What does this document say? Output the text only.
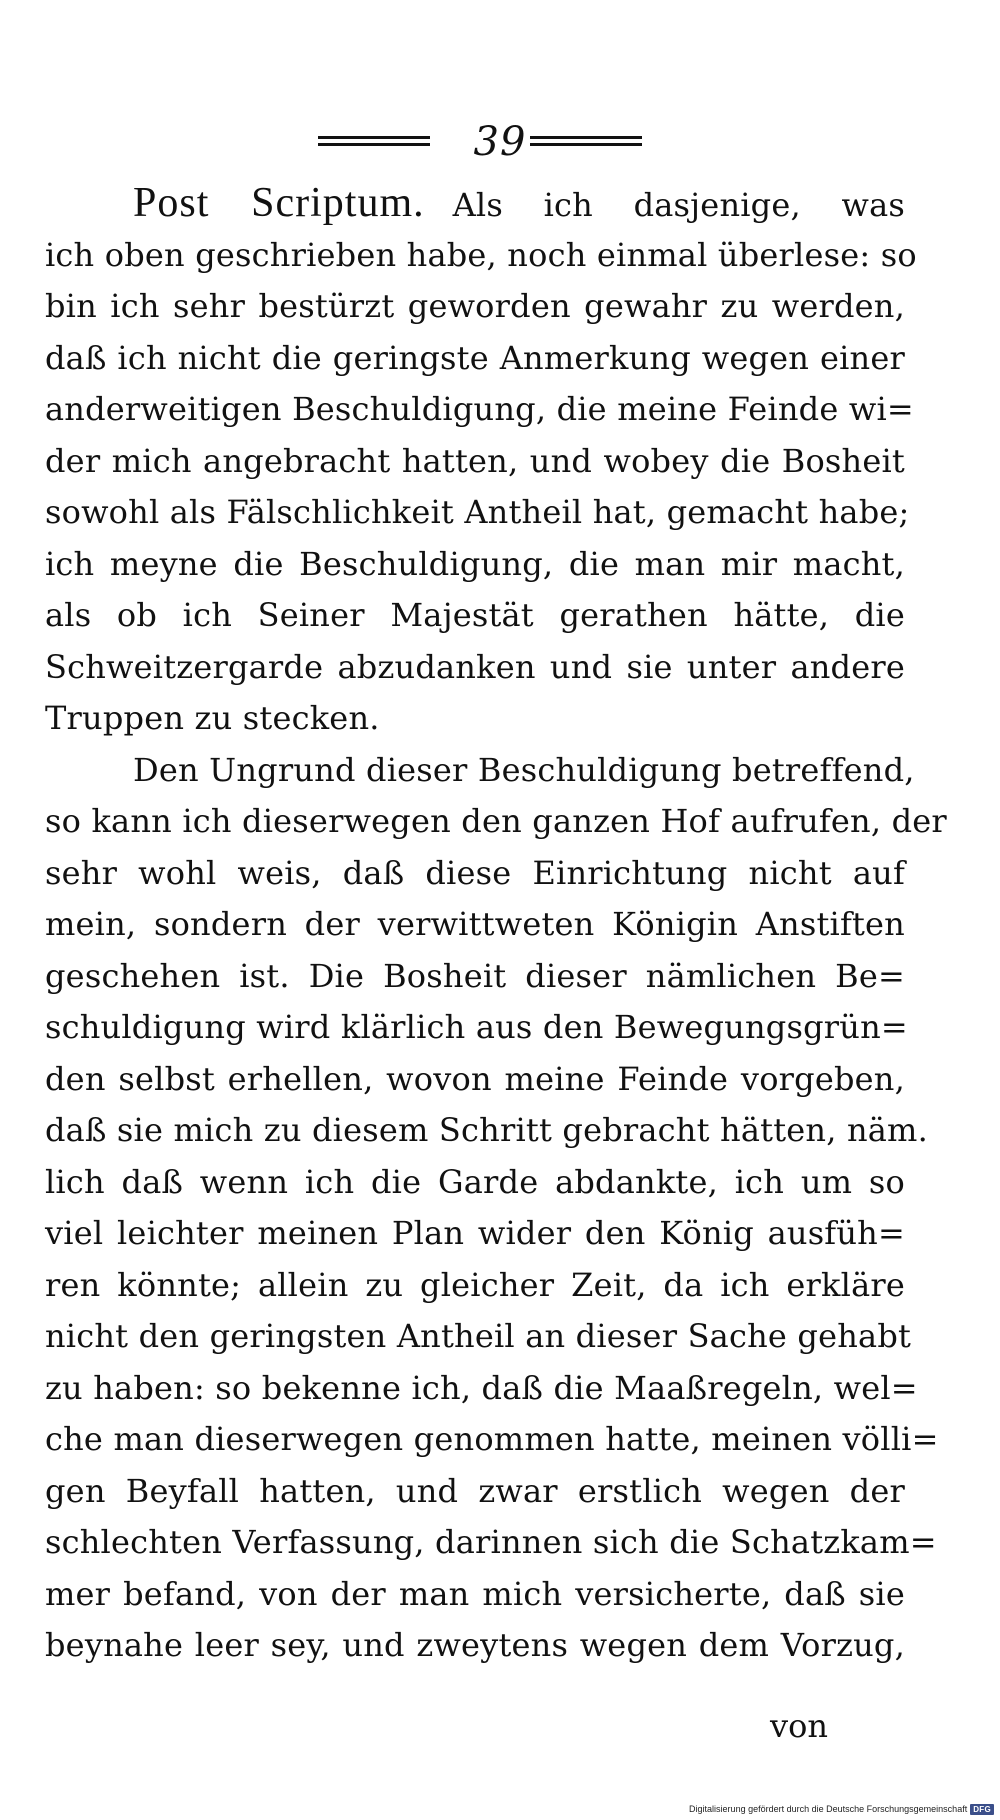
39
Post Scriptum. Als ich dasjenige, was
ich oben geschrieben habe, noch einmal überlese: so
bin ich sehr bestürzt geworden gewahr zu werden,
daß ich nicht die geringste Anmerkung wegen einer
anderweitigen Beschuldigung, die meine Feinde wi=
der mich angebracht hatten, und wobey die Bosheit
sowohl als Fälschlichkeit Antheil hat, gemacht habe;
ich meyne die Beschuldigung, die man mir macht,
als ob ich Seiner Majestät gerathen hätte, die
Schweitzergarde abzudanken und sie unter andere
Truppen zu stecken.
Den Ungrund dieser Beschuldigung betreffend,
so kann ich dieserwegen den ganzen Hof aufrufen, der
sehr wohl weis, daß diese Einrichtung nicht auf
mein, sondern der verwittweten Königin Anstiften
geschehen ist. Die Bosheit dieser nämlichen Be=
schuldigung wird klärlich aus den Bewegungsgrün=
den selbst erhellen, wovon meine Feinde vorgeben,
daß sie mich zu diesem Schritt gebracht hätten, näm.
lich daß wenn ich die Garde abdankte, ich um so
viel leichter meinen Plan wider den König ausfüh=
ren könnte; allein zu gleicher Zeit, da ich erkläre
nicht den geringsten Antheil an dieser Sache gehabt
zu haben: so bekenne ich, daß die Maaßregeln, wel=
che man dieserwegen genommen hatte, meinen völli=
gen Beyfall hatten, und zwar erstlich wegen der
schlechten Verfassung, darinnen sich die Schatzkam=
mer befand, von der man mich versicherte, daß sie
beynahe leer sey, und zweytens wegen dem Vorzug,
von
Digitalisierung gefördert durch die Deutsche Forschungsgemeinschaft DFG
